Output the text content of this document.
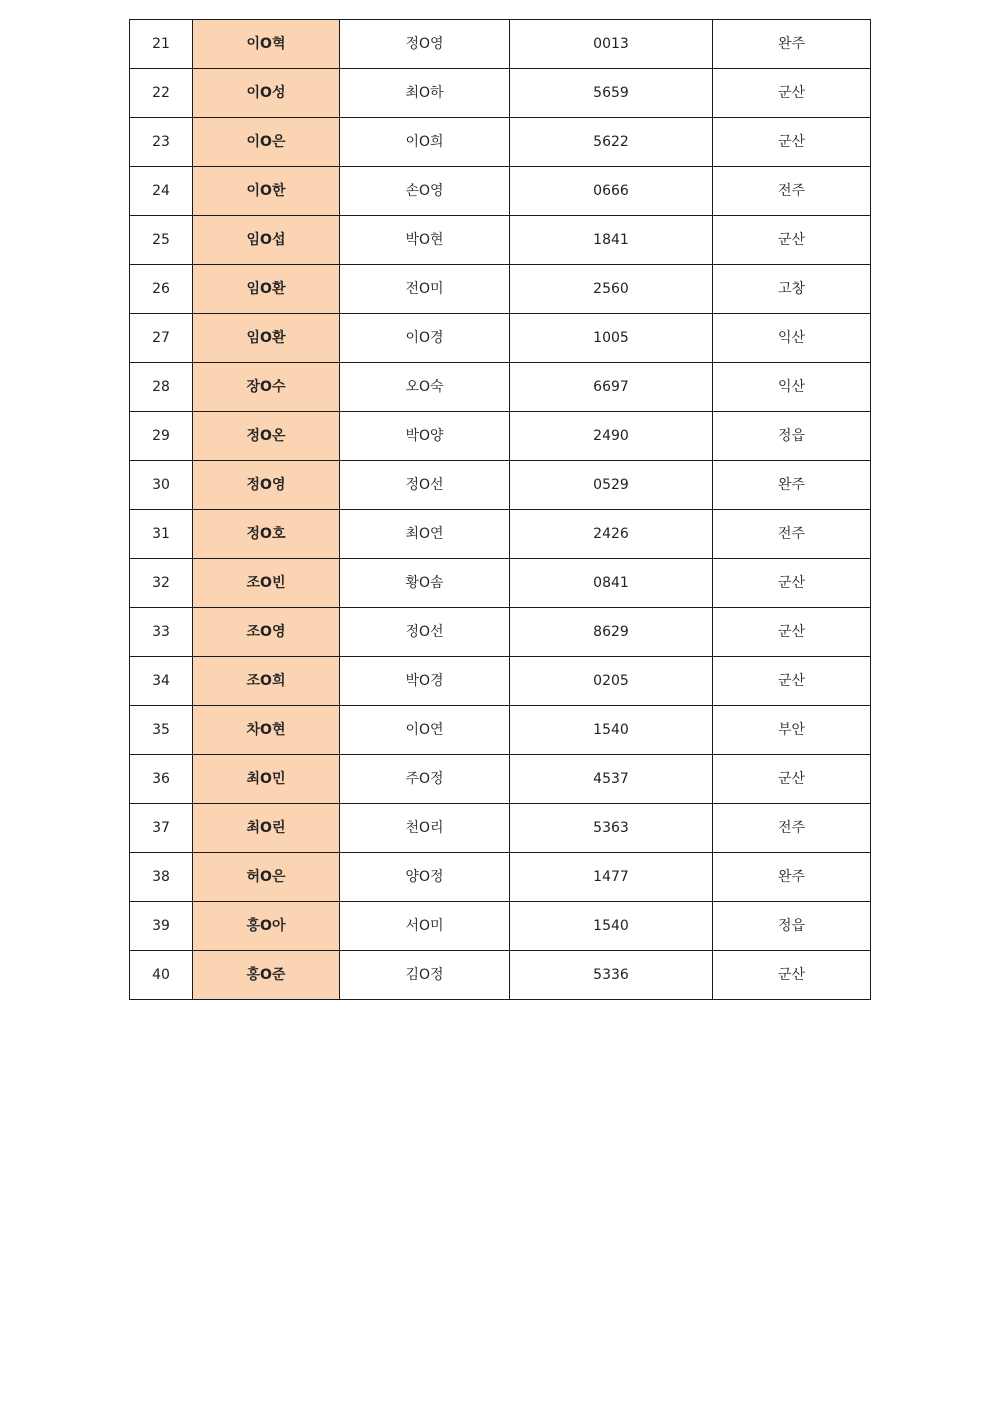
21	이O혁	정O영	0013	완주
22	이O성	최O하	5659	군산
23	이O은	이O희	5622	군산
24	이O한	손O영	0666	전주
25	임O섭	박O현	1841	군산
26	임O환	전O미	2560	고창
27	임O환	이O경	1005	익산
28	장O수	오O숙	6697	익산
29	정O온	박O양	2490	정읍
30	정O영	정O선	0529	완주
31	정O호	최O연	2426	전주
32	조O빈	황O솜	0841	군산
33	조O영	정O선	8629	군산
34	조O희	박O경	0205	군산
35	차O현	이O연	1540	부안
36	최O민	주O정	4537	군산
37	최O린	천O리	5363	전주
38	허O은	양O정	1477	완주
39	홍O아	서O미	1540	정읍
40	홍O준	김O정	5336	군산
